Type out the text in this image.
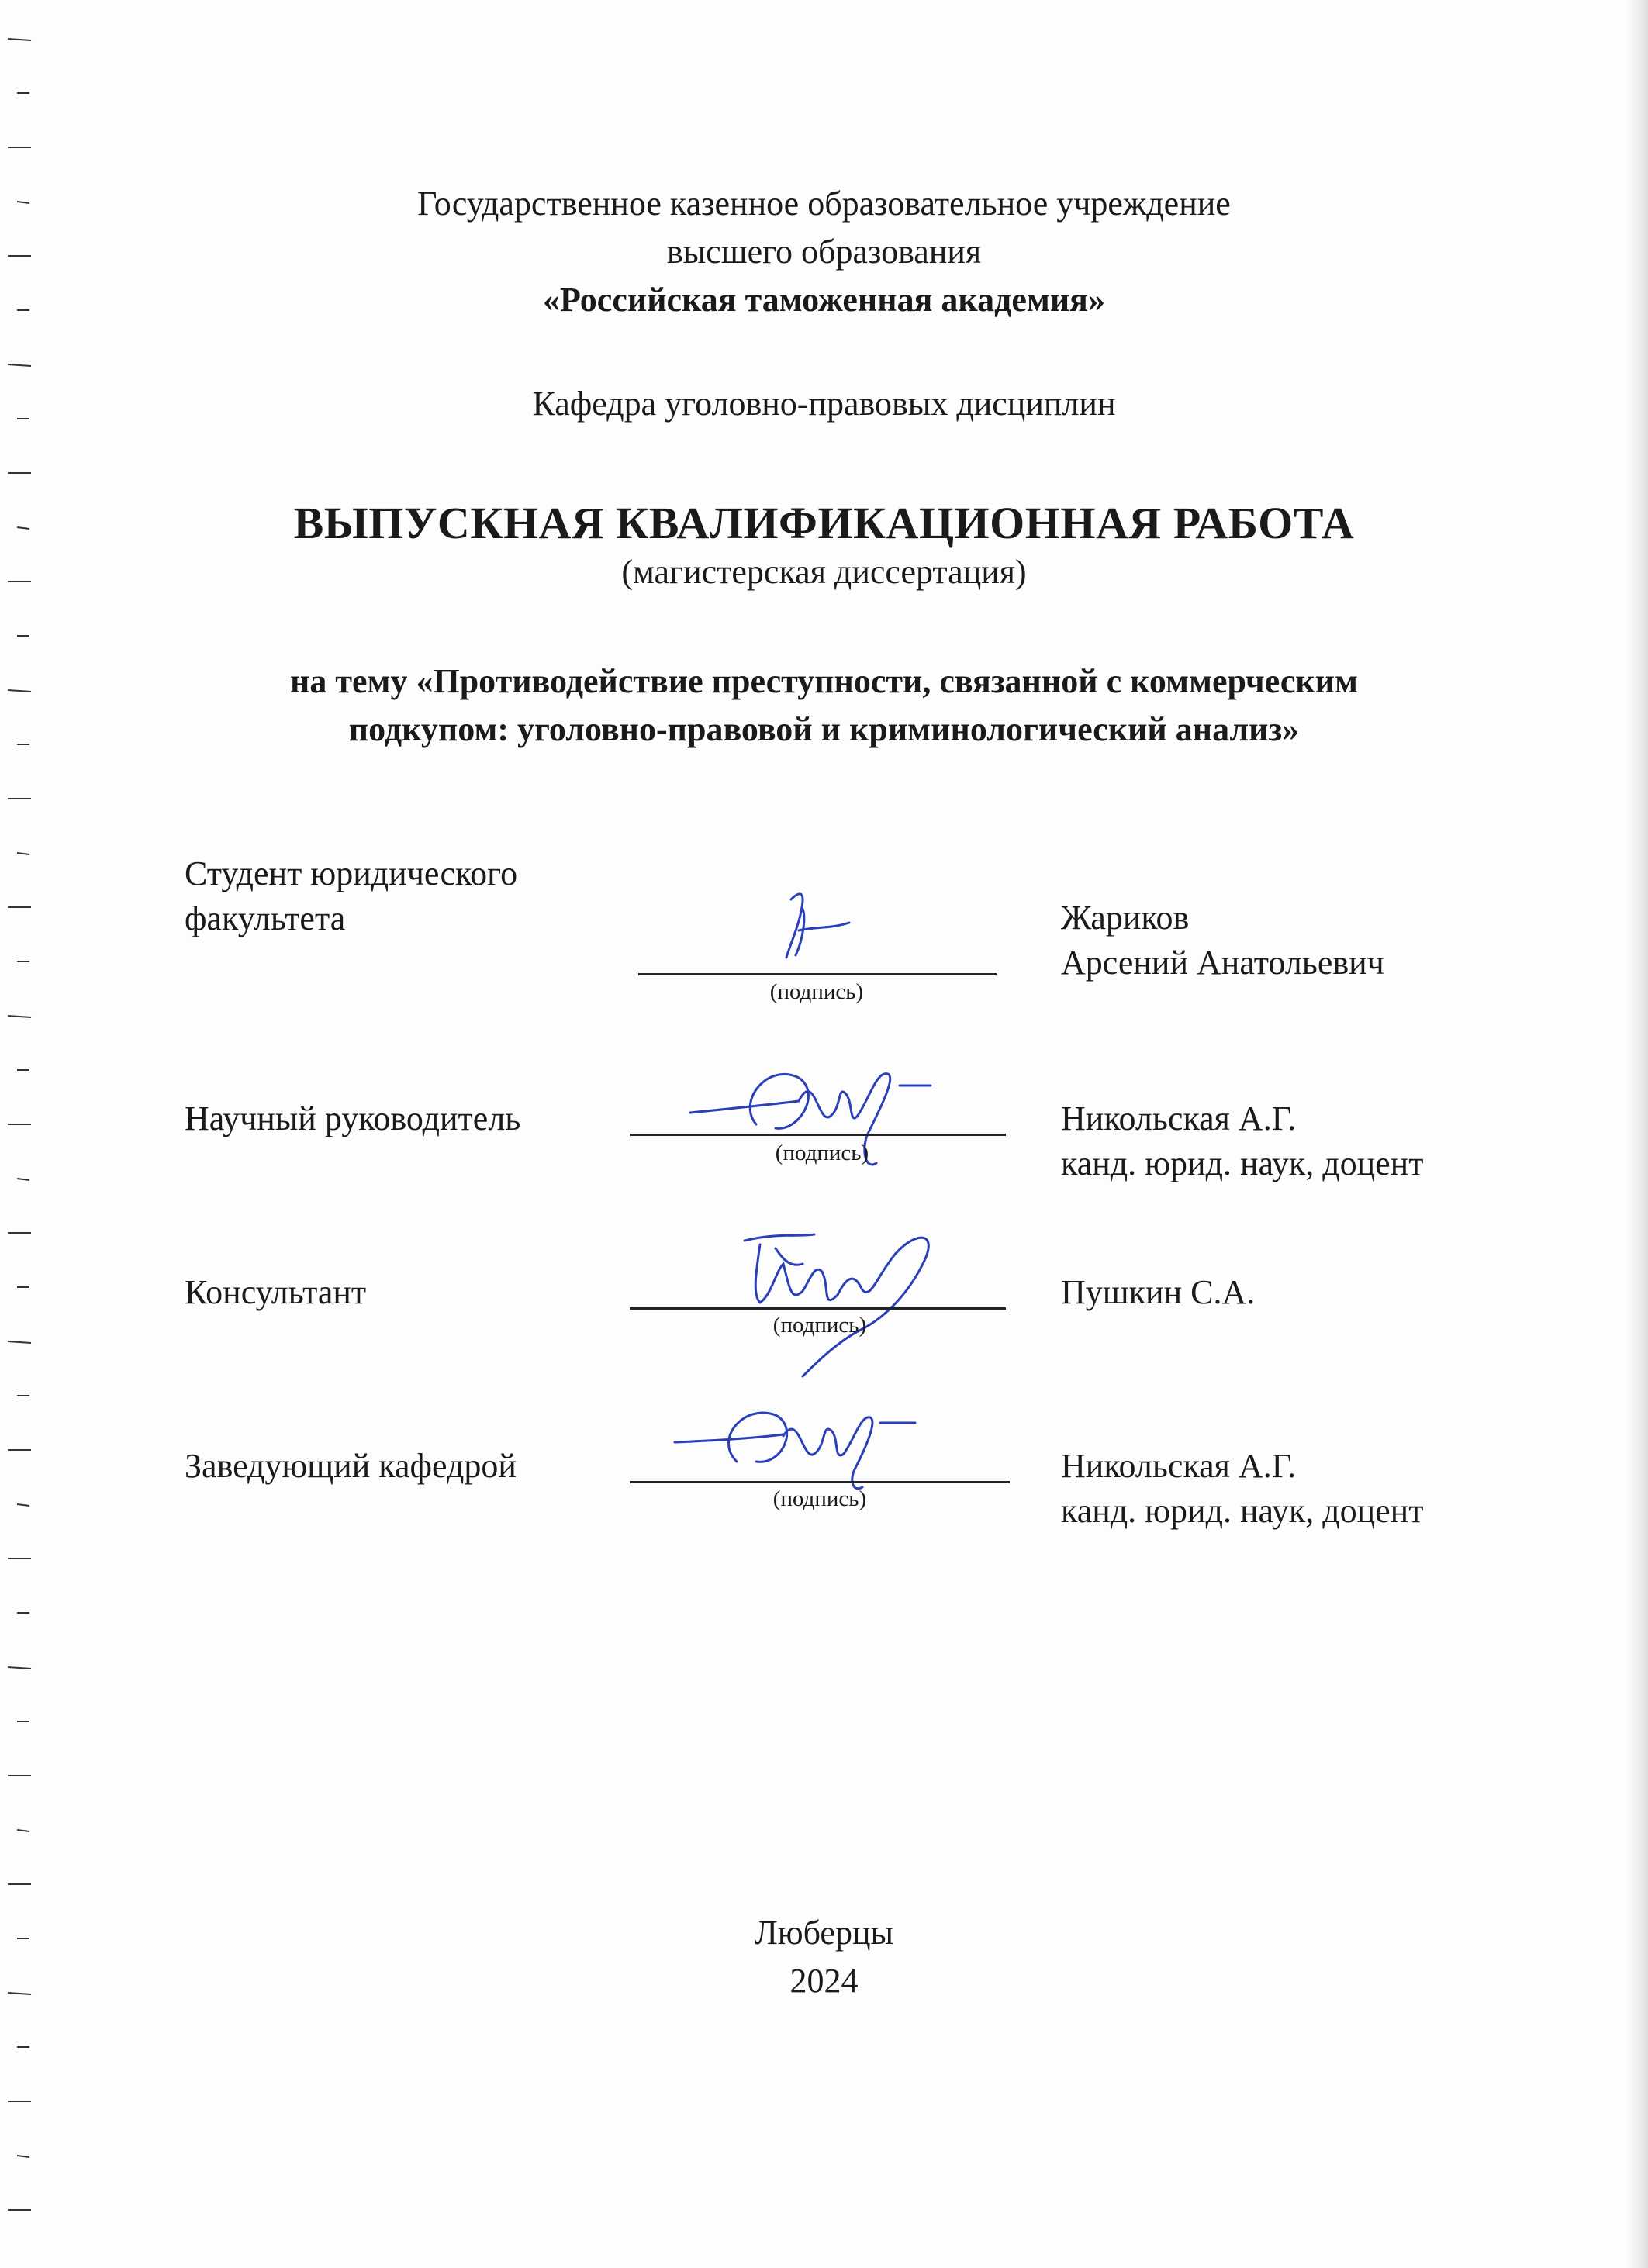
Государственное казенное образовательное учреждение
высшего образования
«Российская таможенная академия»
Кафедра уголовно-правовых дисциплин
ВЫПУСКНАЯ КВАЛИФИКАЦИОННАЯ РАБОТА
(магистерская диссертация)
на тему «Противодействие преступности, связанной с коммерческим
подкупом: уголовно-правовой и криминологический анализ»
Студент юридического
факультета
(подпись)
Жариков
Арсений Анатольевич
Научный руководитель
(подпись)
Никольская А.Г.
канд. юрид. наук, доцент
Консультант
(подпись)
Пушкин С.А.
Заведующий кафедрой
(подпись)
Никольская А.Г.
канд. юрид. наук, доцент
Люберцы
2024
